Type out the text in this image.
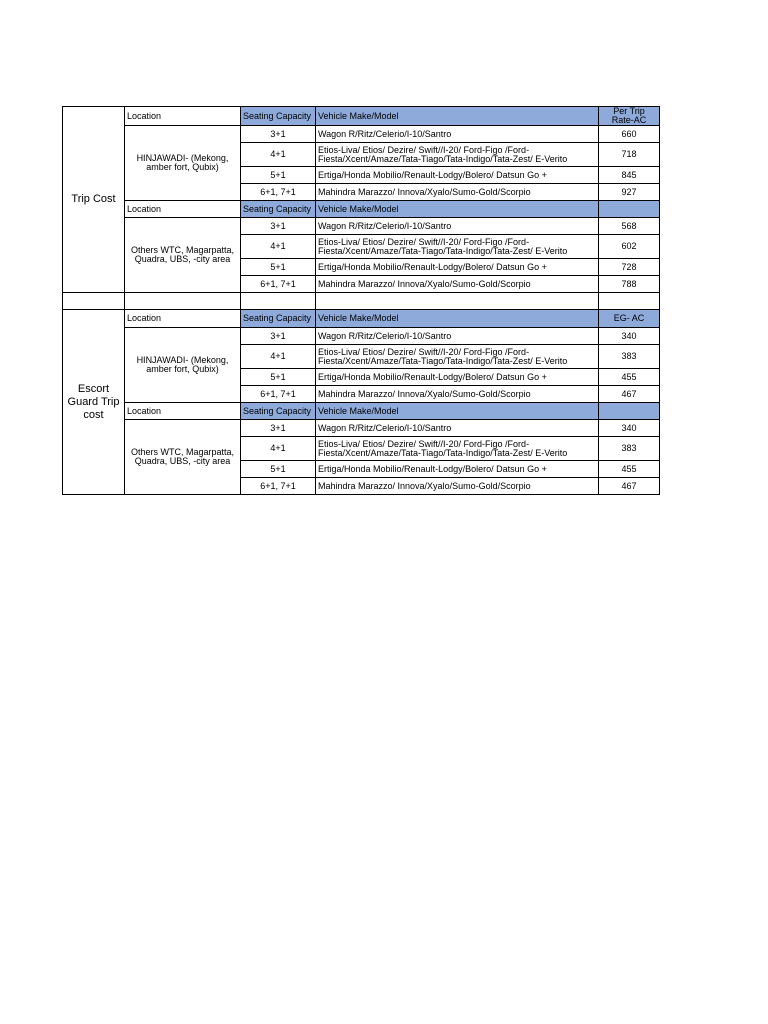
Trip Cost	Location	Seating Capacity	Vehicle Make/Model	Per Trip Rate-AC
	HINJAWADI- (Mekong, amber fort, Qubix)	3+1	Wagon R/Ritz/Celerio/I-10/Santro	660
		4+1	Etios-Liva/ Etios/ Dezire/ Swift//I-20/ Ford-Figo /Ford-Fiesta/Xcent/Amaze/Tata-Tiago/Tata-Indigo/Tata-Zest/ E-Verito	718
		5+1	Ertiga/Honda Mobilio/Renault-Lodgy/Bolero/ Datsun Go +	845
		6+1, 7+1	Mahindra Marazzo/ Innova/Xyalo/Sumo-Gold/Scorpio	927
	Location	Seating Capacity	Vehicle Make/Model	
	Others WTC, Magarpatta, Quadra, UBS, -city area	3+1	Wagon R/Ritz/Celerio/I-10/Santro	568
		4+1	Etios-Liva/ Etios/ Dezire/ Swift//I-20/ Ford-Figo /Ford-Fiesta/Xcent/Amaze/Tata-Tiago/Tata-Indigo/Tata-Zest/ E-Verito	602
		5+1	Ertiga/Honda Mobilio/Renault-Lodgy/Bolero/ Datsun Go +	728
		6+1, 7+1	Mahindra Marazzo/ Innova/Xyalo/Sumo-Gold/Scorpio	788

Escort Guard Trip cost	Location	Seating Capacity	Vehicle Make/Model	EG- AC
	HINJAWADI- (Mekong, amber fort, Qubix)	3+1	Wagon R/Ritz/Celerio/I-10/Santro	340
		4+1	Etios-Liva/ Etios/ Dezire/ Swift//I-20/ Ford-Figo /Ford-Fiesta/Xcent/Amaze/Tata-Tiago/Tata-Indigo/Tata-Zest/ E-Verito	383
		5+1	Ertiga/Honda Mobilio/Renault-Lodgy/Bolero/ Datsun Go +	455
		6+1, 7+1	Mahindra Marazzo/ Innova/Xyalo/Sumo-Gold/Scorpio	467
	Location	Seating Capacity	Vehicle Make/Model	
	Others WTC, Magarpatta, Quadra, UBS, -city area	3+1	Wagon R/Ritz/Celerio/I-10/Santro	340
		4+1	Etios-Liva/ Etios/ Dezire/ Swift//I-20/ Ford-Figo /Ford-Fiesta/Xcent/Amaze/Tata-Tiago/Tata-Indigo/Tata-Zest/ E-Verito	383
		5+1	Ertiga/Honda Mobilio/Renault-Lodgy/Bolero/ Datsun Go +	455
		6+1, 7+1	Mahindra Marazzo/ Innova/Xyalo/Sumo-Gold/Scorpio	467
